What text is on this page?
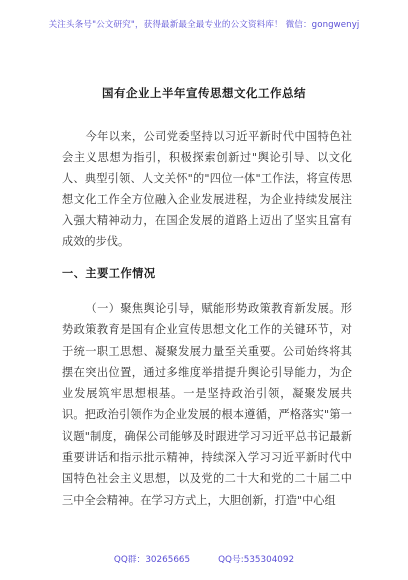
关注头条号"公文研究"，获得最新最全最专业的公文资料库！ 微信：gongwenyj
国有企业上半年宣传思想文化工作总结
今年以来，公司党委坚持以习近平新时代中国特色社会主义思想为指引，积极探索创新过"舆论引导、以文化人、典型引领、人文关怀"的"四位一体"工作法，将宣传思想文化工作全方位融入企业发展进程，为企业持续发展注入强大精神动力，在国企发展的道路上迈出了坚实且富有成效的步伐。
一、主要工作情况
（一）聚焦舆论引导，赋能形势政策教育新发展。形势政策教育是国有企业宣传思想文化工作的关键环节，对于统一职工思想、凝聚发展力量至关重要。公司始终将其摆在突出位置，通过多维度举措提升舆论引导能力，为企业发展筑牢思想根基。一是坚持政治引领，凝聚发展共识。把政治引领作为企业发展的根本遵循，严格落实"第一议题"制度，确保公司能够及时跟进学习习近平总书记最新重要讲话和指示批示精神，持续深入学习习近平新时代中国特色社会主义思想，以及党的二十大和党的二十届二中三中全会精神。在学习方式上，大胆创新，打造"中心组
QQ群：30265665	QQ号:535304092
